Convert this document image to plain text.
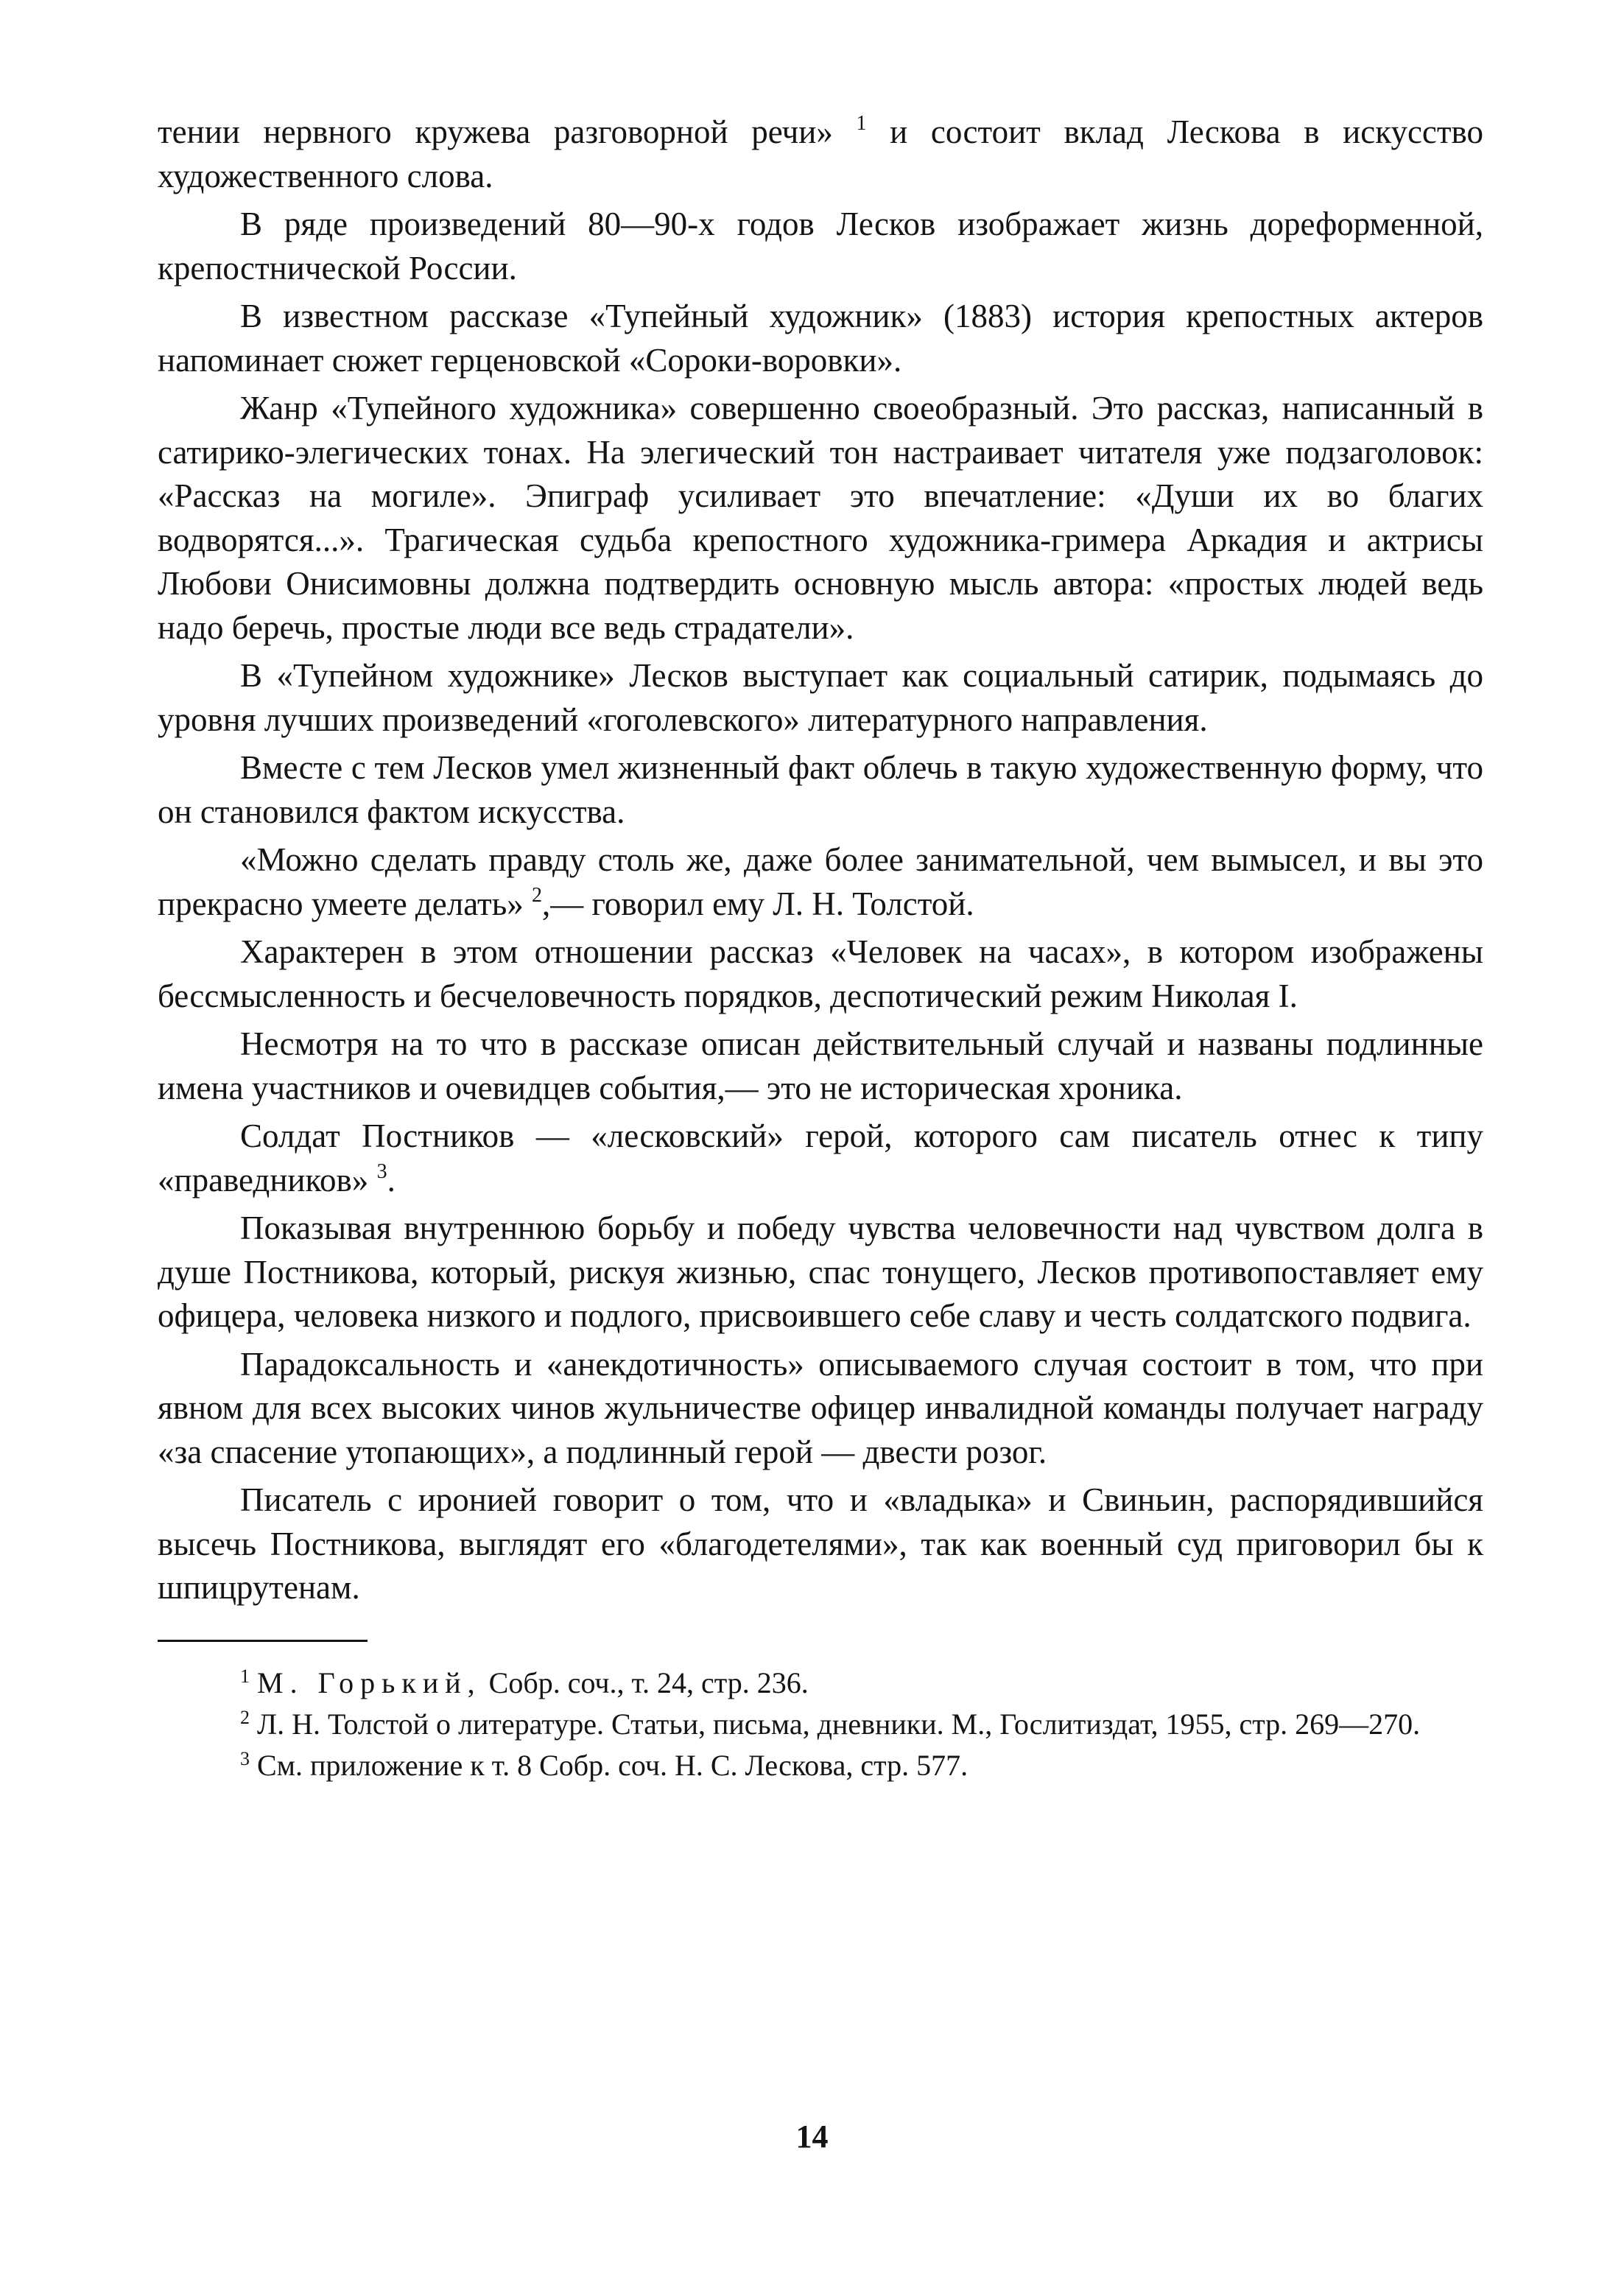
тении нервного кружева разговорной речи» $^1$ и состоит вклад Лескова в искусство художественного слова.

В ряде произведений 80—90-х годов Лесков изображает жизнь дореформенной, крепостнической России.

В известном рассказе «Тупейный художник» (1883) история крепостных актеров напоминает сюжет герценовской «Сороки-воровки».

Жанр «Тупейного художника» совершенно своеобразный. Это рассказ, написанный в сатирико-элегических тонах. На элегический тон настраивает читателя уже подзаголовок: «Рассказ на могиле». Эпиграф усиливает это впечатление: «Души их во благих водворятся...». Трагическая судьба крепостного художника-гримера Аркадия и актрисы Любови Онисимовны должна подтвердить основную мысль автора: «простых людей ведь надо беречь, простые люди все ведь страдатели».

В «Тупейном художнике» Лесков выступает как социальный сатирик, подымаясь до уровня лучших произведений «гоголевского» литературного направления.

Вместе с тем Лесков умел жизненный факт облечь в такую художественную форму, что он становился фактом искусства.

«Можно сделать правду столь же, даже более занимательной, чем вымысел, и вы это прекрасно умеете делать» $^2$,— говорил ему Л. Н. Толстой.

Характерен в этом отношении рассказ «Человек на часах», в котором изображены бессмысленность и бесчеловечность порядков, деспотический режим Николая I.

Несмотря на то что в рассказе описан действительный случай и названы подлинные имена участников и очевидцев события,— это не историческая хроника.

Солдат Постников — «лесковский» герой, которого сам писатель отнес к типу «праведников» $^3$.

Показывая внутреннюю борьбу и победу чувства человечности над чувством долга в душе Постникова, который, рискуя жизнью, спас тонущего, Лесков противопоставляет ему офицера, человека низкого и подлого, присвоившего себе славу и честь солдатского подвига.

Парадоксальность и «анекдотичность» описываемого случая состоит в том, что при явном для всех высоких чинов жульничестве офицер инвалидной команды получает награду «за спасение утопающих», а подлинный герой — двести розог.

Писатель с иронией говорит о том, что и «владыка» и Свиньин, распорядившийся высечь Постникова, выглядят его «благодетелями», так как военный суд приговорил бы к шпицрутенам.

$^1$ М. Горький, Собр. соч., т. 24, стр. 236.

$^2$ Л. Н. Толстой о литературе. Статьи, письма, дневники. М., Гослитиздат, 1955, стр. 269—270.

$^3$ См. приложение к т. 8 Собр. соч. Н. С. Лескова, стр. 577.

14
